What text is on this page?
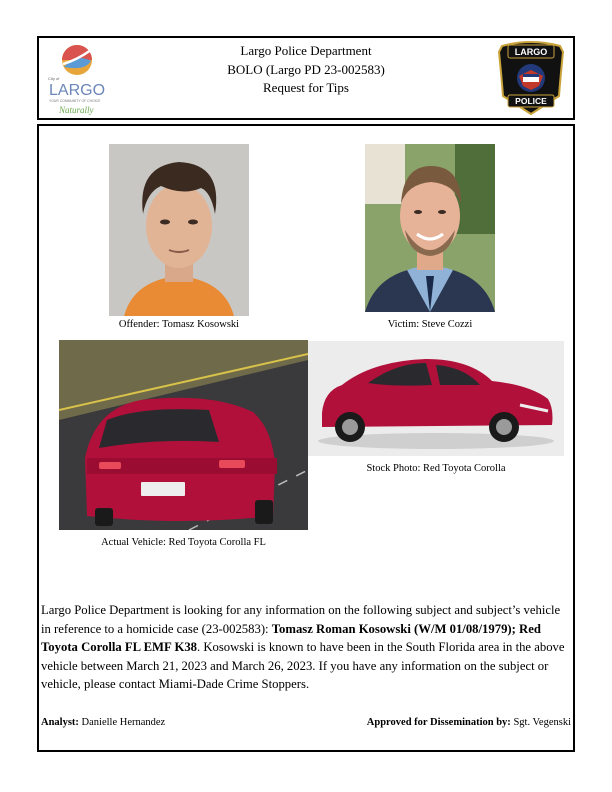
City of
LARGO
YOUR COMMUNITY OF CHOICE
Naturally
Largo Police Department
BOLO (Largo PD 23-002583)
Request for Tips
LARGO
POLICE
Offender: Tomasz Kosowski	Victim: Steve Cozzi
Actual Vehicle: Red Toyota Corolla FL
Stock Photo: Red Toyota Corolla
Largo Police Department is looking for any information on the following subject and subject’s vehicle in reference to a homicide case (23-002583): Tomasz Roman Kosowski (W/M 01/08/1979); Red Toyota Corolla FL EMF K38. Kosowski is known to have been in the South Florida area in the above vehicle between March 21, 2023 and March 26, 2023. If you have any information on the subject or vehicle, please contact Miami-Dade Crime Stoppers.
Analyst: Danielle Hernandez	Approved for Dissemination by: Sgt. Vegenski
